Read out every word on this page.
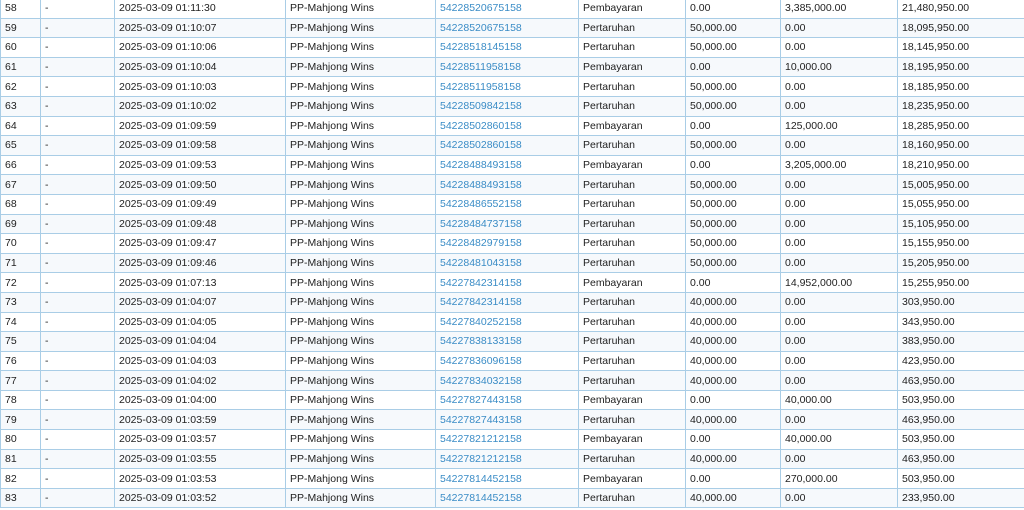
58	-	2025-03-09 01:11:30	PP-Mahjong Wins	54228520675158	Pembayaran	0.00	3,385,000.00	21,480,950.00
59	-	2025-03-09 01:10:07	PP-Mahjong Wins	54228520675158	Pertaruhan	50,000.00	0.00	18,095,950.00
60	-	2025-03-09 01:10:06	PP-Mahjong Wins	54228518145158	Pertaruhan	50,000.00	0.00	18,145,950.00
61	-	2025-03-09 01:10:04	PP-Mahjong Wins	54228511958158	Pembayaran	0.00	10,000.00	18,195,950.00
62	-	2025-03-09 01:10:03	PP-Mahjong Wins	54228511958158	Pertaruhan	50,000.00	0.00	18,185,950.00
63	-	2025-03-09 01:10:02	PP-Mahjong Wins	54228509842158	Pertaruhan	50,000.00	0.00	18,235,950.00
64	-	2025-03-09 01:09:59	PP-Mahjong Wins	54228502860158	Pembayaran	0.00	125,000.00	18,285,950.00
65	-	2025-03-09 01:09:58	PP-Mahjong Wins	54228502860158	Pertaruhan	50,000.00	0.00	18,160,950.00
66	-	2025-03-09 01:09:53	PP-Mahjong Wins	54228488493158	Pembayaran	0.00	3,205,000.00	18,210,950.00
67	-	2025-03-09 01:09:50	PP-Mahjong Wins	54228488493158	Pertaruhan	50,000.00	0.00	15,005,950.00
68	-	2025-03-09 01:09:49	PP-Mahjong Wins	54228486552158	Pertaruhan	50,000.00	0.00	15,055,950.00
69	-	2025-03-09 01:09:48	PP-Mahjong Wins	54228484737158	Pertaruhan	50,000.00	0.00	15,105,950.00
70	-	2025-03-09 01:09:47	PP-Mahjong Wins	54228482979158	Pertaruhan	50,000.00	0.00	15,155,950.00
71	-	2025-03-09 01:09:46	PP-Mahjong Wins	54228481043158	Pertaruhan	50,000.00	0.00	15,205,950.00
72	-	2025-03-09 01:07:13	PP-Mahjong Wins	54227842314158	Pembayaran	0.00	14,952,000.00	15,255,950.00
73	-	2025-03-09 01:04:07	PP-Mahjong Wins	54227842314158	Pertaruhan	40,000.00	0.00	303,950.00
74	-	2025-03-09 01:04:05	PP-Mahjong Wins	54227840252158	Pertaruhan	40,000.00	0.00	343,950.00
75	-	2025-03-09 01:04:04	PP-Mahjong Wins	54227838133158	Pertaruhan	40,000.00	0.00	383,950.00
76	-	2025-03-09 01:04:03	PP-Mahjong Wins	54227836096158	Pertaruhan	40,000.00	0.00	423,950.00
77	-	2025-03-09 01:04:02	PP-Mahjong Wins	54227834032158	Pertaruhan	40,000.00	0.00	463,950.00
78	-	2025-03-09 01:04:00	PP-Mahjong Wins	54227827443158	Pembayaran	0.00	40,000.00	503,950.00
79	-	2025-03-09 01:03:59	PP-Mahjong Wins	54227827443158	Pertaruhan	40,000.00	0.00	463,950.00
80	-	2025-03-09 01:03:57	PP-Mahjong Wins	54227821212158	Pembayaran	0.00	40,000.00	503,950.00
81	-	2025-03-09 01:03:55	PP-Mahjong Wins	54227821212158	Pertaruhan	40,000.00	0.00	463,950.00
82	-	2025-03-09 01:03:53	PP-Mahjong Wins	54227814452158	Pembayaran	0.00	270,000.00	503,950.00
83	-	2025-03-09 01:03:52	PP-Mahjong Wins	54227814452158	Pertaruhan	40,000.00	0.00	233,950.00
